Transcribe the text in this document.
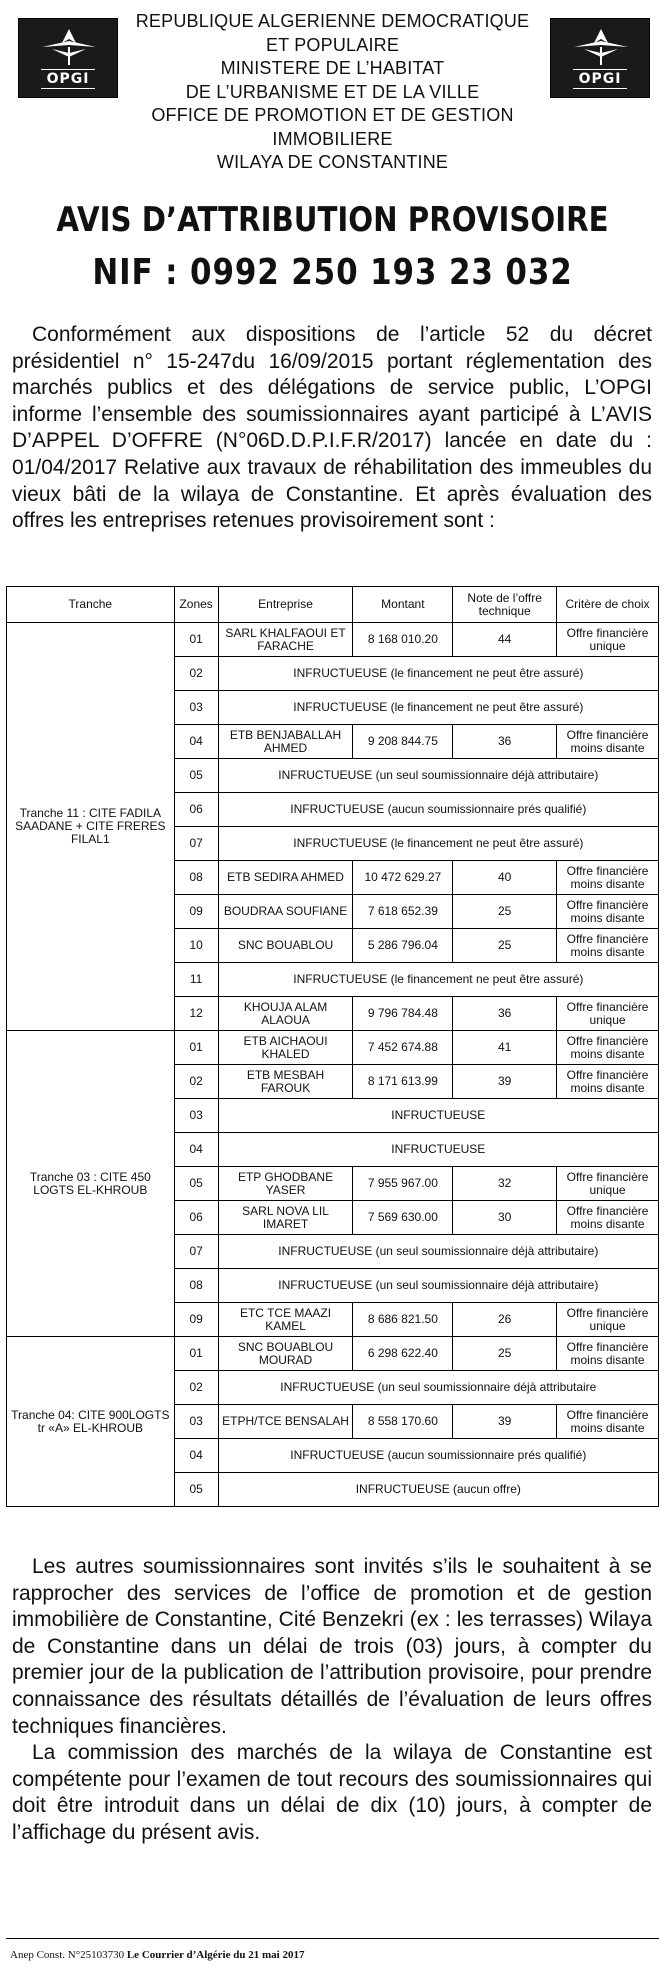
OPGI	OPGI
REPUBLIQUE ALGERIENNE DEMOCRATIQUE
ET POPULAIRE
MINISTERE DE L’HABITAT
DE L’URBANISME ET DE LA VILLE
OFFICE DE PROMOTION ET DE GESTION
IMMOBILIERE
WILAYA DE CONSTANTINE
AVIS D’ATTRIBUTION PROVISOIRE
NIF : 0992 250 193 23 032

Conformément aux dispositions de l’article 52 du décret présidentiel n° 15-247du 16/09/2015 portant réglementation des marchés publics et des délégations de service public, L’OPGI informe l’ensemble des soumissionnaires ayant participé à L’AVIS D’APPEL D’OFFRE (N°06D.D.P.I.F.R/2017) lancée en date du : 01/04/2017 Relative aux travaux de réhabilitation des immeubles du vieux bâti de la wilaya de Constantine. Et après évaluation des offres les entreprises retenues provisoirement sont :

Tranche	Zones	Entreprise	Montant	Note de l’offre technique	Critère de choix
Tranche 11 : CITE FADILA SAADANE + CITE FRERES FILAL1	01	SARL KHALFAOUI ET FARACHE	8 168 010.20	44	Offre financière unique
	02	INFRUCTUEUSE (le financement ne peut être assuré)			
	03	INFRUCTUEUSE (le financement ne peut être assuré)			
	04	ETB BENJABALLAH AHMED	9 208 844.75	36	Offre financière moins disante
	05	INFRUCTUEUSE (un seul soumissionnaire déjà attributaire)			
	06	INFRUCTUEUSE (aucun soumissionnaire prés qualifié)			
	07	INFRUCTUEUSE (le financement ne peut être assuré)			
	08	ETB SEDIRA AHMED	10 472 629.27	40	Offre financière moins disante
	09	BOUDRAA SOUFIANE	7 618 652.39	25	Offre financière moins disante
	10	SNC BOUABLOU	5 286 796.04	25	Offre financière moins disante
	11	INFRUCTUEUSE (le financement ne peut être assuré)			
	12	KHOUJA ALAM ALAOUA	9 796 784.48	36	Offre financière unique
Tranche 03 : CITE 450 LOGTS EL-KHROUB	01	ETB AICHAOUI KHALED	7 452 674.88	41	Offre financière moins disante
	02	ETB MESBAH FAROUK	8 171 613.99	39	Offre financière moins disante
	03	INFRUCTUEUSE			
	04	INFRUCTUEUSE			
	05	ETP GHODBANE YASER	7 955 967.00	32	Offre financière unique
	06	SARL NOVA LIL IMARET	7 569 630.00	30	Offre financière moins disante
	07	INFRUCTUEUSE (un seul soumissionnaire déjà attributaire)			
	08	INFRUCTUEUSE (un seul soumissionnaire déjà attributaire)			
	09	ETC TCE MAAZI KAMEL	8 686 821.50	26	Offre financière unique
Tranche 04: CITE 900LOGTS tr «A» EL-KHROUB	01	SNC BOUABLOU MOURAD	6 298 622.40	25	Offre financière moins disante
	02	INFRUCTUEUSE (un seul soumissionnaire déjà attributaire			
	03	ETPH/TCE BENSALAH	8 558 170.60	39	Offre financière moins disante
	04	INFRUCTUEUSE (aucun soumissionnaire prés qualifié)			
	05	INFRUCTUEUSE (aucun offre)			

Les autres soumissionnaires sont invités s’ils le souhaitent à se rapprocher des services de l’office de promotion et de gestion immobilière de Constantine, Cité Benzekri (ex : les terrasses) Wilaya de Constantine dans un délai de trois (03) jours, à compter du premier jour de la publication de l’attribution provisoire, pour prendre connaissance des résultats détaillés de l’évaluation de leurs offres techniques financières.

La commission des marchés de la wilaya de Constantine est compétente pour l’examen de tout recours des soumissionnaires qui doit être introduit dans un délai de dix (10) jours, à compter de l’affichage du présent avis.

Anep Const. N°25103730 Le Courrier d’Algérie du 21 mai 2017
